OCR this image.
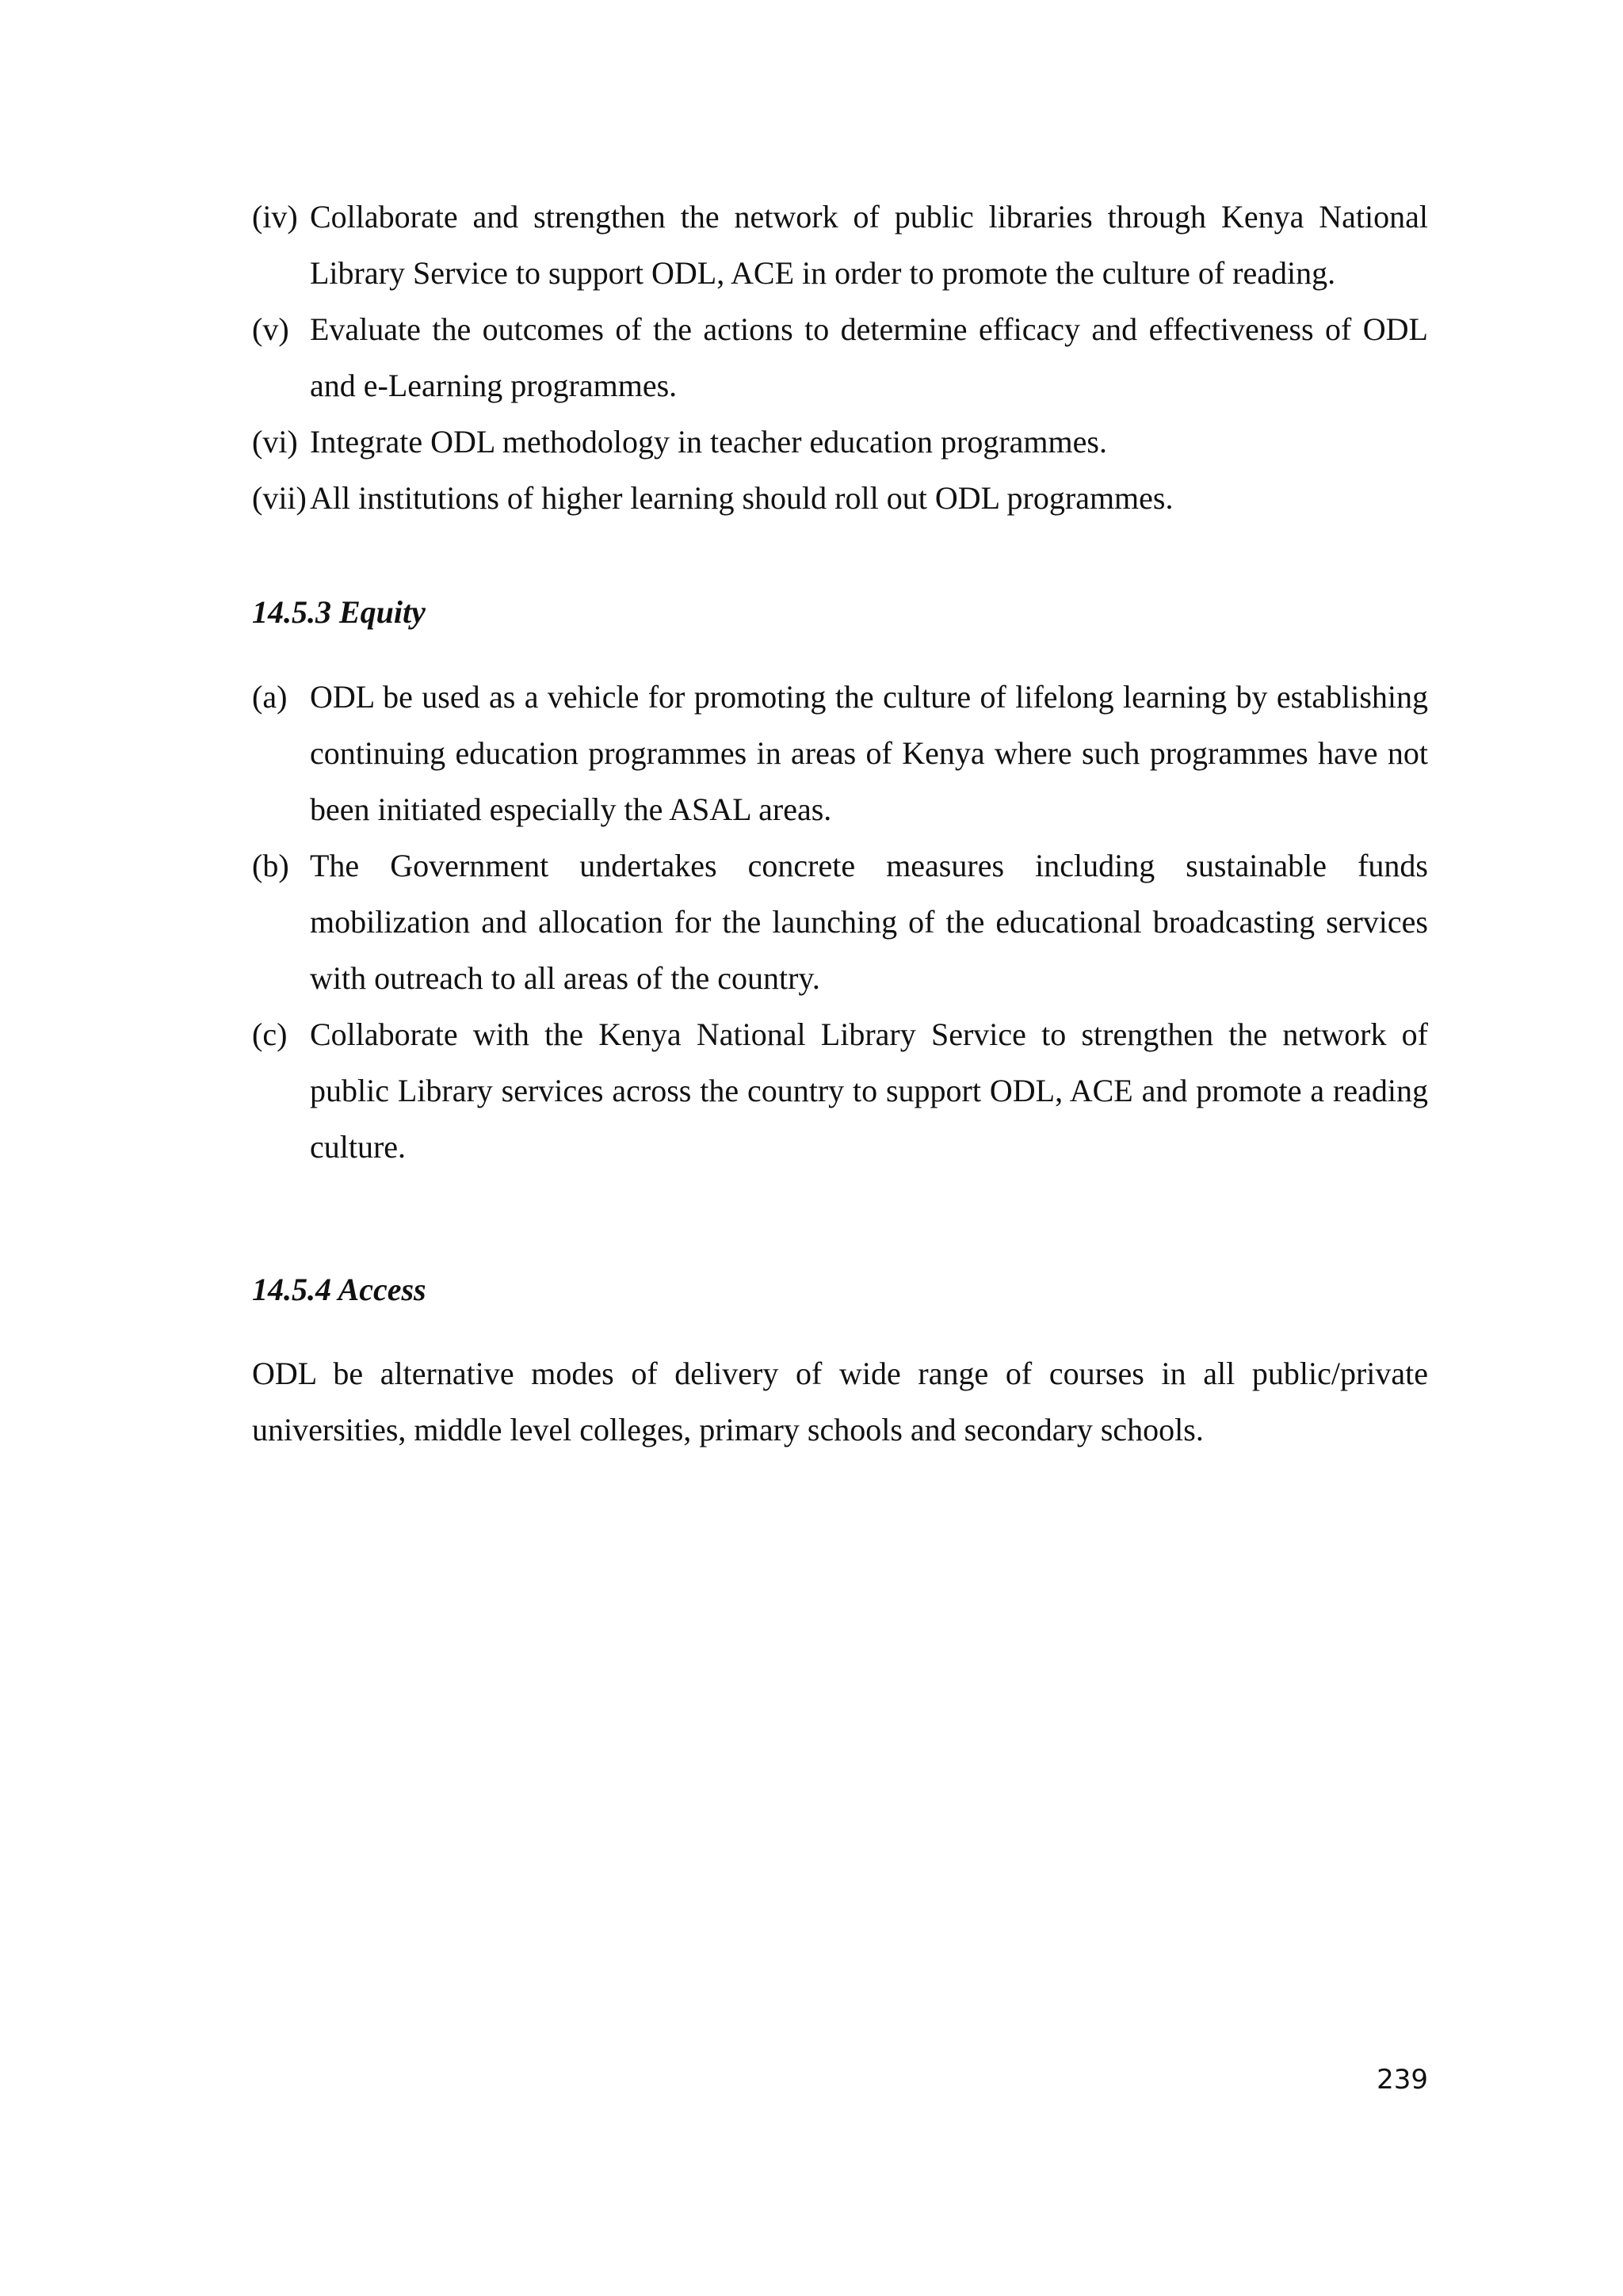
(iv) Collaborate and strengthen the network of public libraries through Kenya National Library Service to support ODL, ACE in order to promote the culture of reading.
(v) Evaluate the outcomes of the actions to determine efficacy and effectiveness of ODL and e-Learning programmes.
(vi) Integrate ODL methodology in teacher education programmes.
(vii) All institutions of higher learning should roll out ODL programmes.
14.5.3 Equity
(a) ODL be used as a vehicle for promoting the culture of lifelong learning by establishing continuing education programmes in areas of Kenya where such programmes have not been initiated especially the ASAL areas.
(b) The Government undertakes concrete measures including sustainable funds mobilization and allocation for the launching of the educational broadcasting services with outreach to all areas of the country.
(c) Collaborate with the Kenya National Library Service to strengthen the network of public Library services across the country to support ODL, ACE and promote a reading culture.
14.5.4 Access
ODL be alternative modes of delivery of wide range of courses in all public/private universities, middle level colleges, primary schools and secondary schools.
239
